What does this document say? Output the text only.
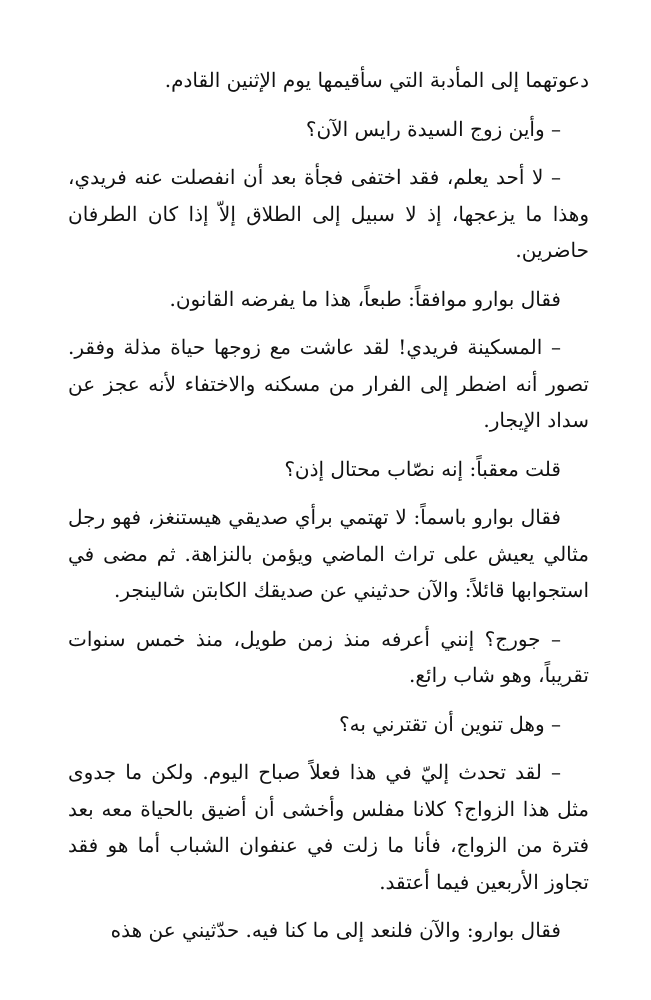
دعوتهما إلى المأدبة التي سأقيمها يوم الإثنين القادم.

– وأين زوج السيدة رايس الآن؟

– لا أحد يعلم، فقد اختفى فجأة بعد أن انفصلت عنه فريدي، وهذا ما يزعجها، إذ لا سبيل إلى الطلاق إلاّ إذا كان الطرفان حاضرين.

فقال بوارو موافقاً: طبعاً، هذا ما يفرضه القانون.

– المسكينة فريدي! لقد عاشت مع زوجها حياة مذلة وفقر. تصور أنه اضطر إلى الفرار من مسكنه والاختفاء لأنه عجز عن سداد الإيجار.

قلت معقباً: إنه نصّاب محتال إذن؟

فقال بوارو باسماً: لا تهتمي برأي صديقي هيستنغز، فهو رجل مثالي يعيش على تراث الماضي ويؤمن بالنزاهة. ثم مضى في استجوابها قائلاً: والآن حدثيني عن صديقك الكابتن شالينجر.

– جورج؟ إنني أعرفه منذ زمن طويل، منذ خمس سنوات تقريباً، وهو شاب رائع.

– وهل تنوين أن تقترني به؟

– لقد تحدث إليّ في هذا فعلاً صباح اليوم. ولكن ما جدوى مثل هذا الزواج؟ كلانا مفلس وأخشى أن أضيق بالحياة معه بعد فترة من الزواج، فأنا ما زلت في عنفوان الشباب أما هو فقد تجاوز الأربعين فيما أعتقد.

فقال بوارو: والآن فلنعد إلى ما كنا فيه. حدّثيني عن هذه
